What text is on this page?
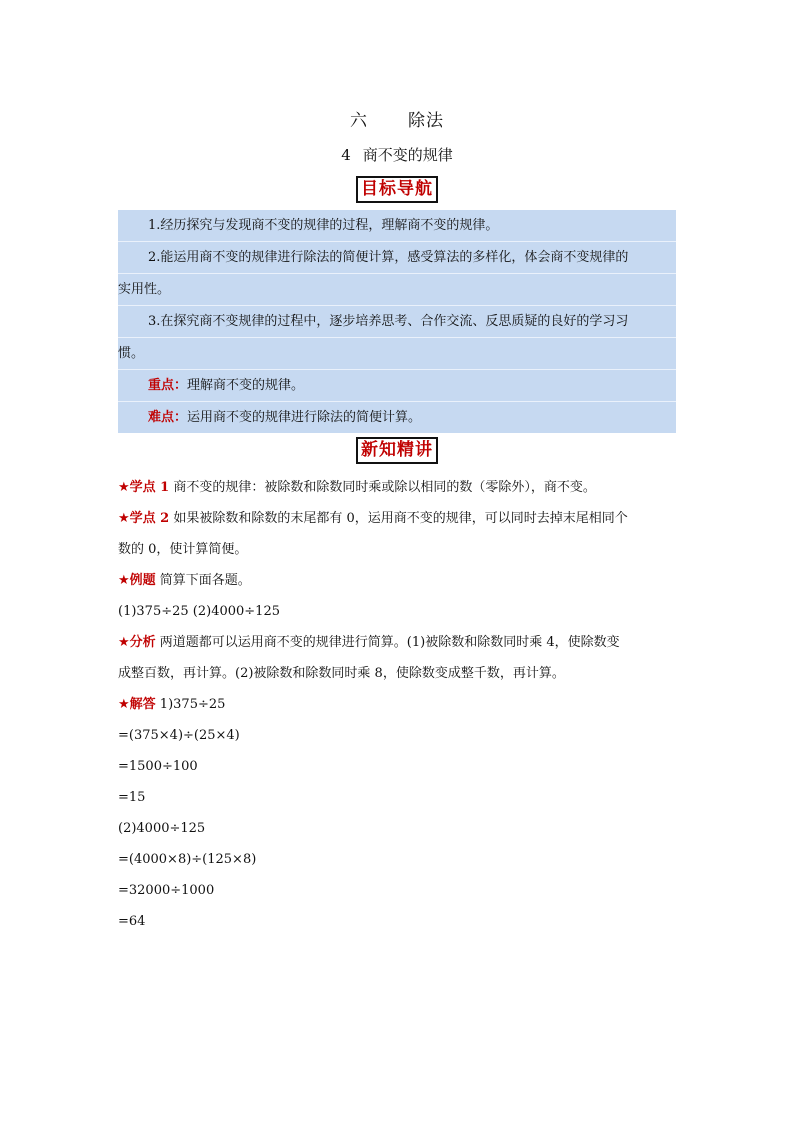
六 除法
4 商不变的规律
目标导航
1.经历探究与发现商不变的规律的过程，理解商不变的规律。
2.能运用商不变的规律进行除法的简便计算，感受算法的多样化，体会商不变规律的
实用性。
3.在探究商不变规律的过程中，逐步培养思考、合作交流、反思质疑的良好的学习习
惯。
重点：理解商不变的规律。
难点：运用商不变的规律进行除法的简便计算。
新知精讲
★学点 1 商不变的规律：被除数和除数同时乘或除以相同的数（零除外），商不变。
★学点 2 如果被除数和除数的末尾都有 0，运用商不变的规律，可以同时去掉末尾相同个
数的 0，使计算简便。
★例题 简算下面各题。
(1)375÷25 (2)4000÷125
★分析 两道题都可以运用商不变的规律进行简算。(1)被除数和除数同时乘 4，使除数变
成整百数，再计算。(2)被除数和除数同时乘 8，使除数变成整千数，再计算。
★解答 1)375÷25
=(375×4)÷(25×4)
=1500÷100
=15
(2)4000÷125
=(4000×8)÷(125×8)
=32000÷1000
=64
